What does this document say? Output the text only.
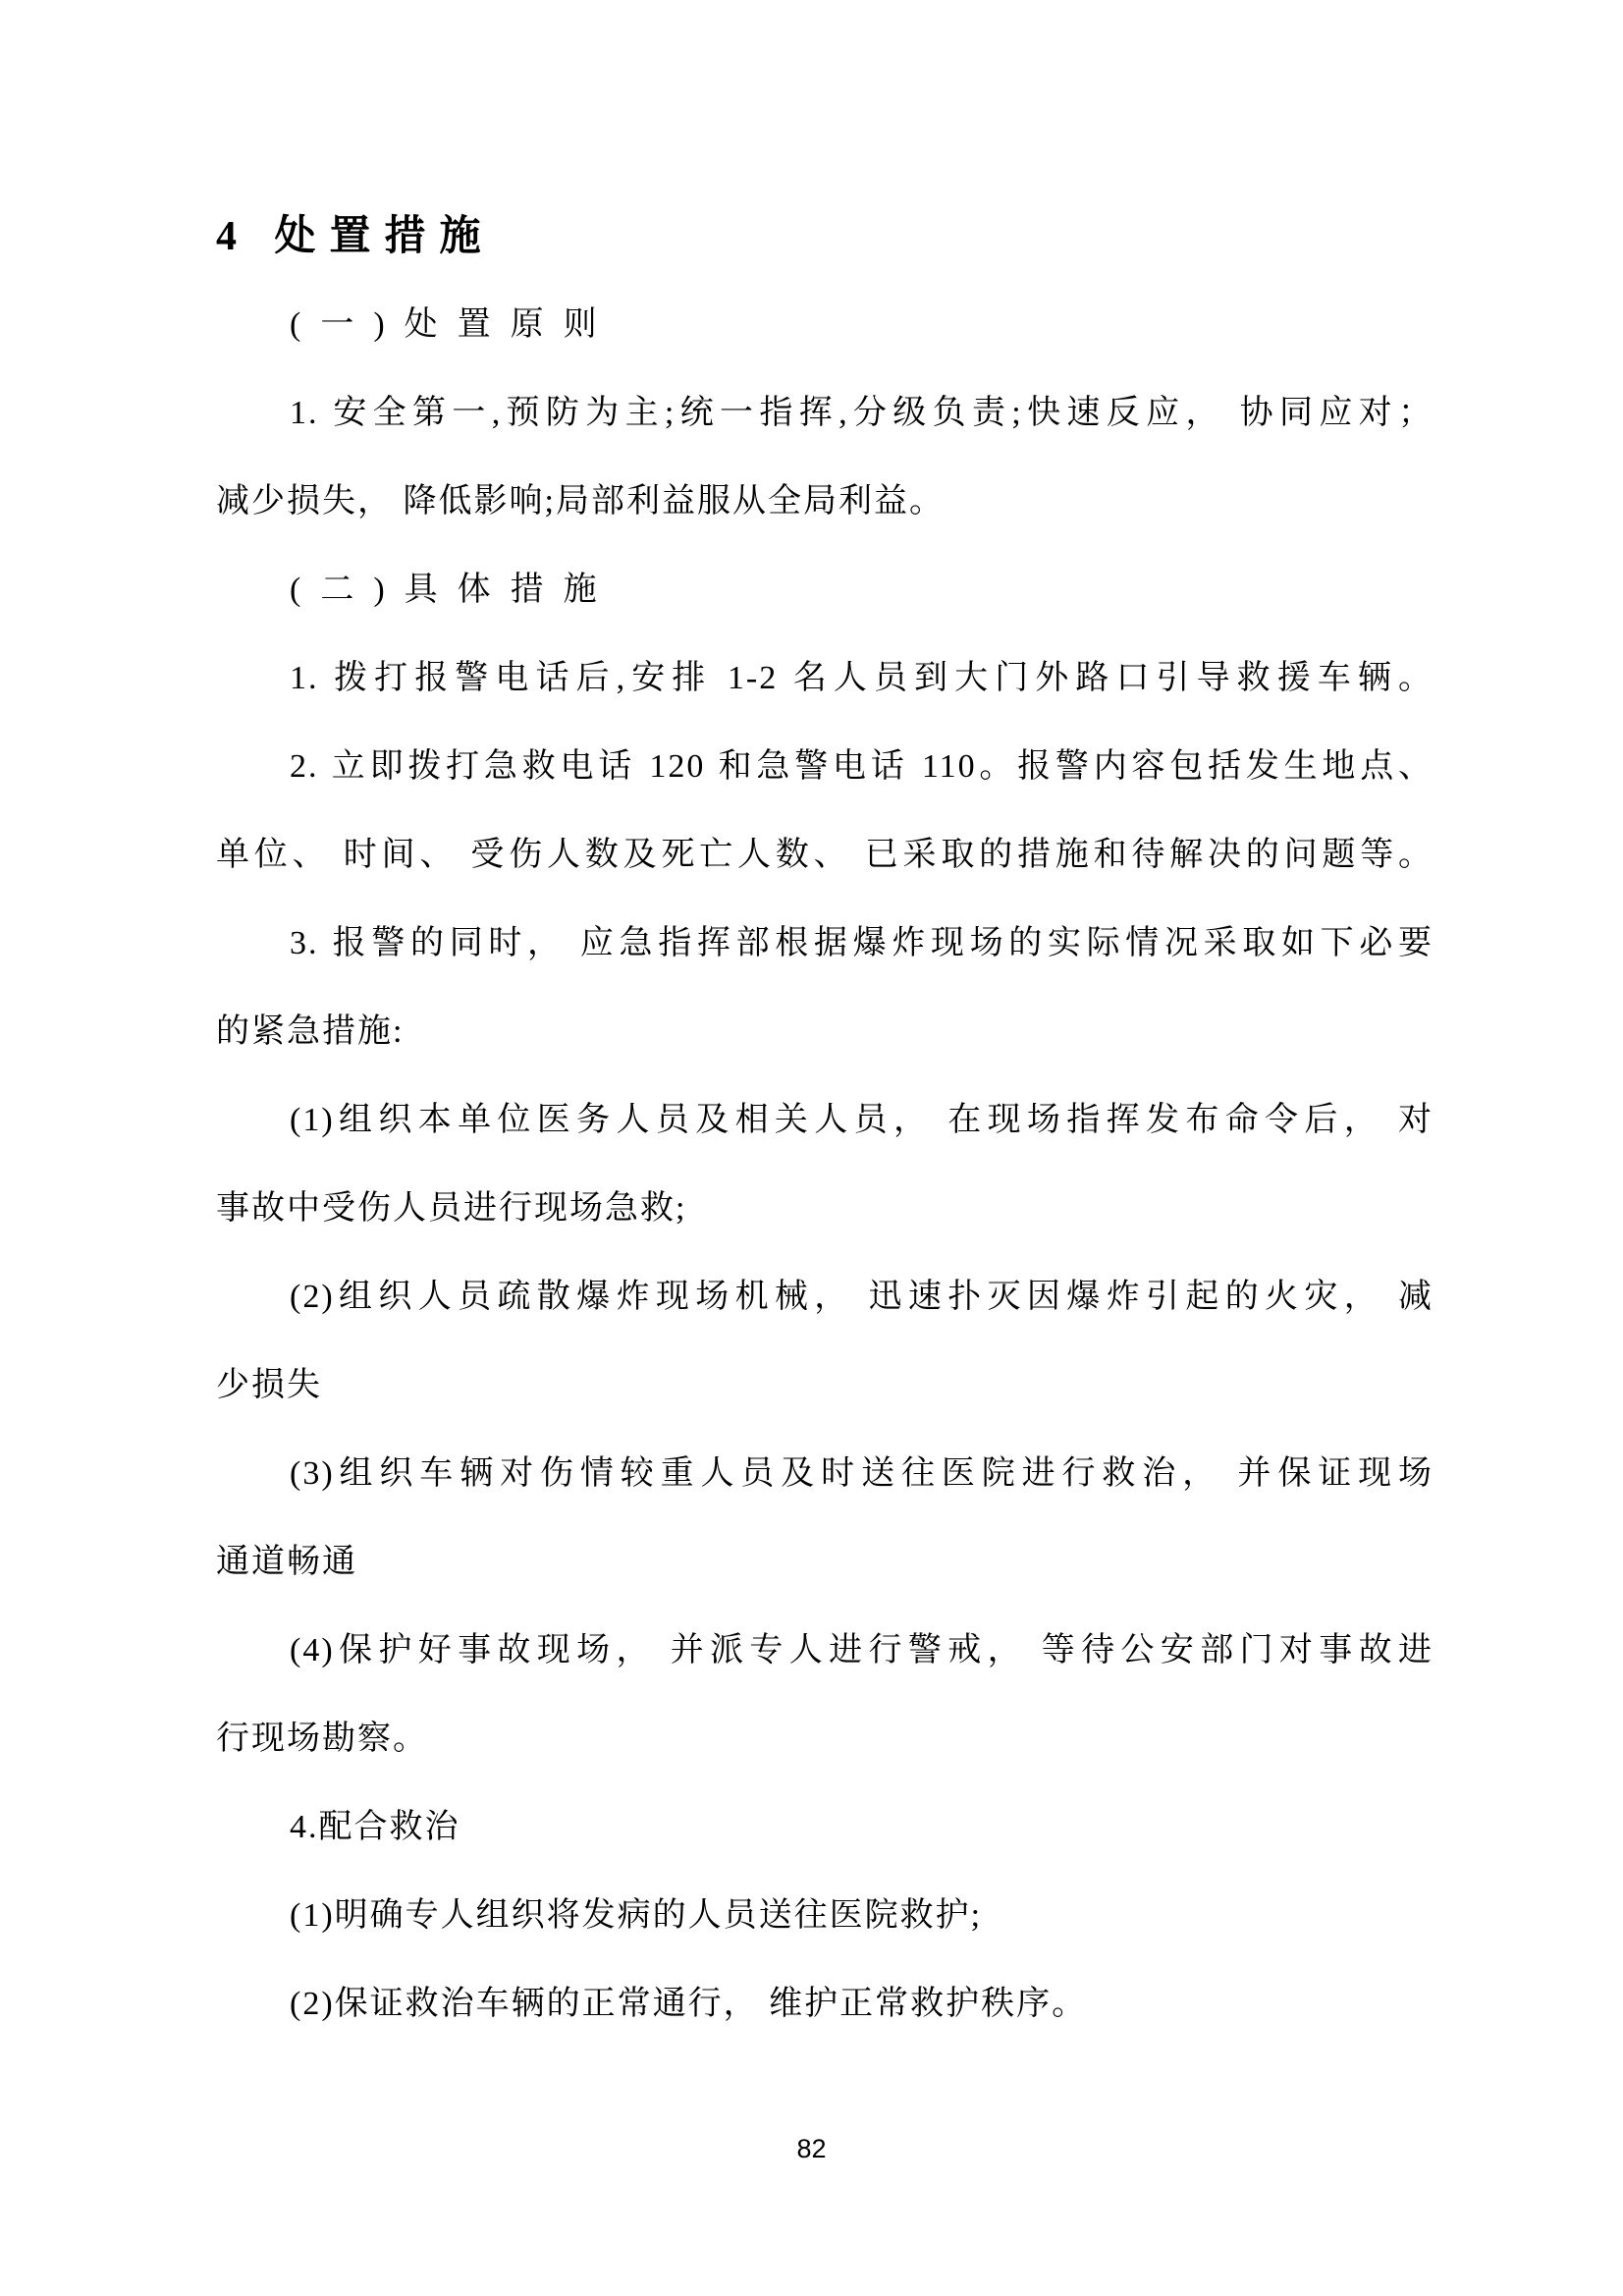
4 处置措施
(一)处置原则
1. 安全第一,预防为主;统一指挥,分级负责;快速反应， 协同应对；
减少损失， 降低影响;局部利益服从全局利益。
(二)具体措施
1. 拨打报警电话后,安排 1-2 名人员到大门外路口引导救援车辆。
2. 立即拨打急救电话 120 和急警电话 110。报警内容包括发生地点、
单位、 时间、 受伤人数及死亡人数、 已采取的措施和待解决的问题等。
3. 报警的同时， 应急指挥部根据爆炸现场的实际情况采取如下必要
的紧急措施:
(1)组织本单位医务人员及相关人员， 在现场指挥发布命令后， 对
事故中受伤人员进行现场急救;
(2)组织人员疏散爆炸现场机械， 迅速扑灭因爆炸引起的火灾， 减
少损失
(3)组织车辆对伤情较重人员及时送往医院进行救治， 并保证现场
通道畅通
(4)保护好事故现场， 并派专人进行警戒， 等待公安部门对事故进
行现场勘察。
4.配合救治
(1)明确专人组织将发病的人员送往医院救护;
(2)保证救治车辆的正常通行， 维护正常救护秩序。
82
